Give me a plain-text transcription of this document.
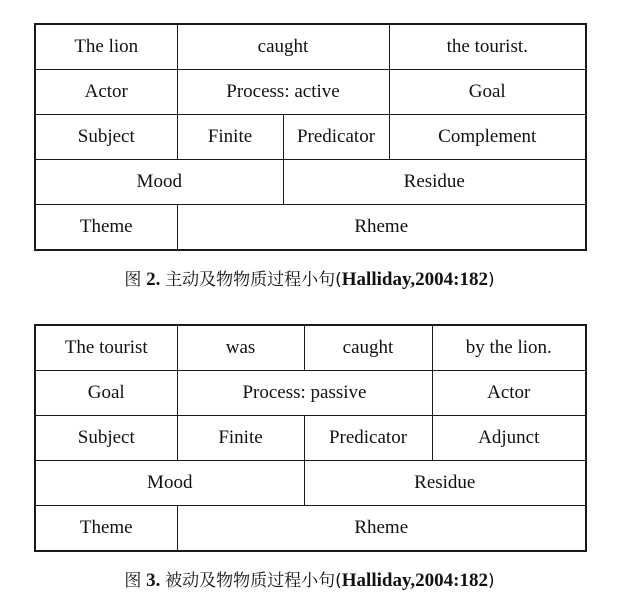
The lion	caught		the tourist.
Actor	Process: active		Goal
Subject	Finite	Predicator	Complement
Mood		Residue	
Theme	Rheme		
图 2. 主动及物物质过程小句(Halliday,2004:182)
The tourist	was	caught	by the lion.
Goal	Process: passive		Actor
Subject	Finite	Predicator	Adjunct
Mood		Residue	
Theme	Rheme		
图 3. 被动及物物质过程小句(Halliday,2004:182)
